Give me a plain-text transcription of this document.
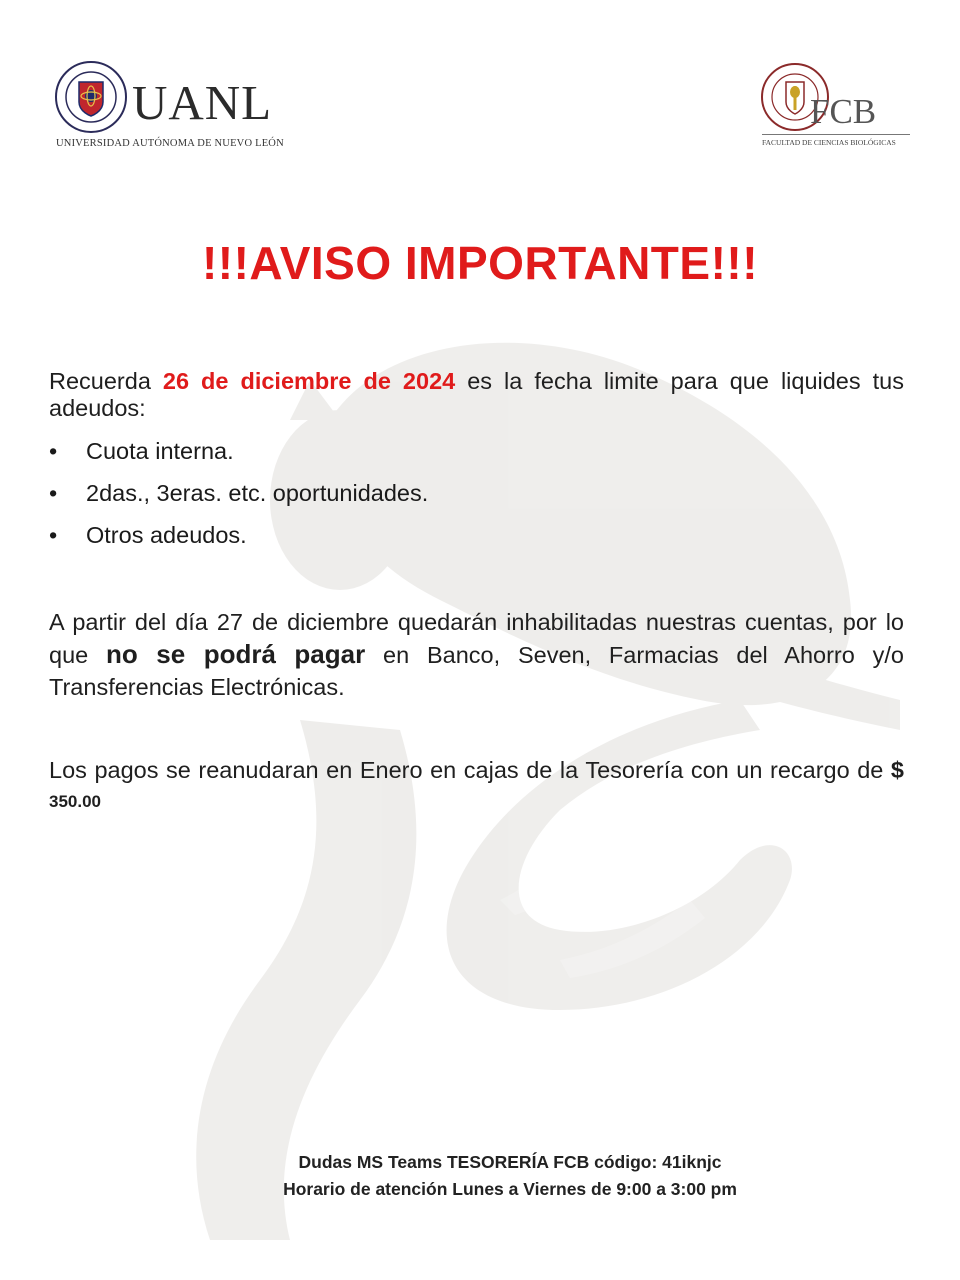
UANL
UNIVERSIDAD AUTÓNOMA DE NUEVO LEÓN
FCB
FACULTAD DE CIENCIAS BIOLÓGICAS
!!!AVISO IMPORTANTE!!!
Recuerda 26 de diciembre de 2024 es la fecha limite para que liquides tus adeudos:
• Cuota interna.
• 2das., 3eras. etc. oportunidades.
• Otros adeudos.
A partir del día 27 de diciembre quedarán inhabilitadas nuestras cuentas, por lo que no se podrá pagar en Banco, Seven, Farmacias del Ahorro y/o Transferencias Electrónicas.
Los pagos se reanudaran en Enero en cajas de la Tesorería con un recargo de $ 350.00
Dudas MS Teams TESORERÍA FCB código: 41iknjc
Horario de atención Lunes a Viernes de 9:00 a 3:00 pm
